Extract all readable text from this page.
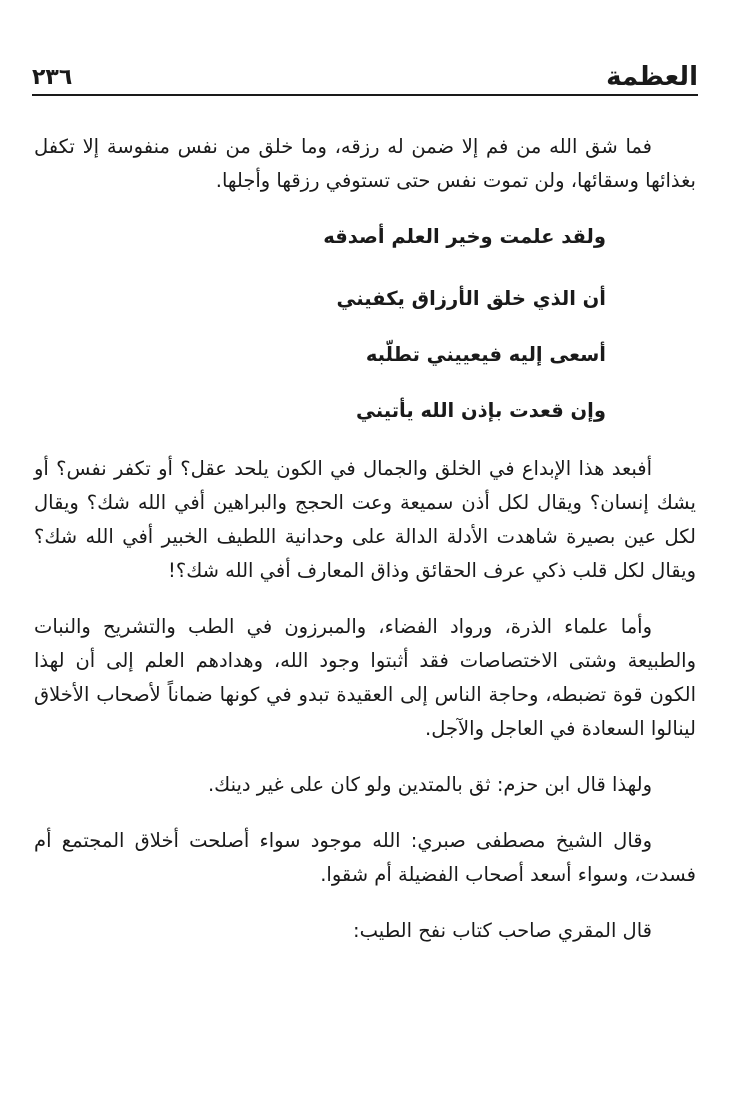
العظمة
٢٣٦

فما شق الله من فم إلا ضمن له رزقه، وما خلق من نفس منفوسة إلا تكفل بغذائها وسقائها، ولن تموت نفس حتى تستوفي رزقها وأجلها.

ولقد علمت وخير العلم أصدقه
أن الذي خلق الأرزاق يكفيني
أسعى إليه فيعييني تطلّبه
وإن قعدت بإذن الله يأتيني

أفبعد هذا الإبداع في الخلق والجمال في الكون يلحد عقل؟ أو تكفر نفس؟ أو يشك إنسان؟ ويقال لكل أذن سميعة وعت الحجج والبراهين أفي الله شك؟ ويقال لكل عين بصيرة شاهدت الأدلة الدالة على وحدانية اللطيف الخبير أفي الله شك؟ ويقال لكل قلب ذكي عرف الحقائق وذاق المعارف أفي الله شك؟!

وأما علماء الذرة، ورواد الفضاء، والمبرزون في الطب والتشريح والنبات والطبيعة وشتى الاختصاصات فقد أثبتوا وجود الله، وهدادهم العلم إلى أن لهذا الكون قوة تضبطه، وحاجة الناس إلى العقيدة تبدو في كونها ضماناً لأصحاب الأخلاق لينالوا السعادة في العاجل والآجل.

ولهذا قال ابن حزم: ثق بالمتدين ولو كان على غير دينك.

وقال الشيخ مصطفى صبري: الله موجود سواء أصلحت أخلاق المجتمع أم فسدت، وسواء أسعد أصحاب الفضيلة أم شقوا.

قال المقري صاحب كتاب نفح الطيب:
